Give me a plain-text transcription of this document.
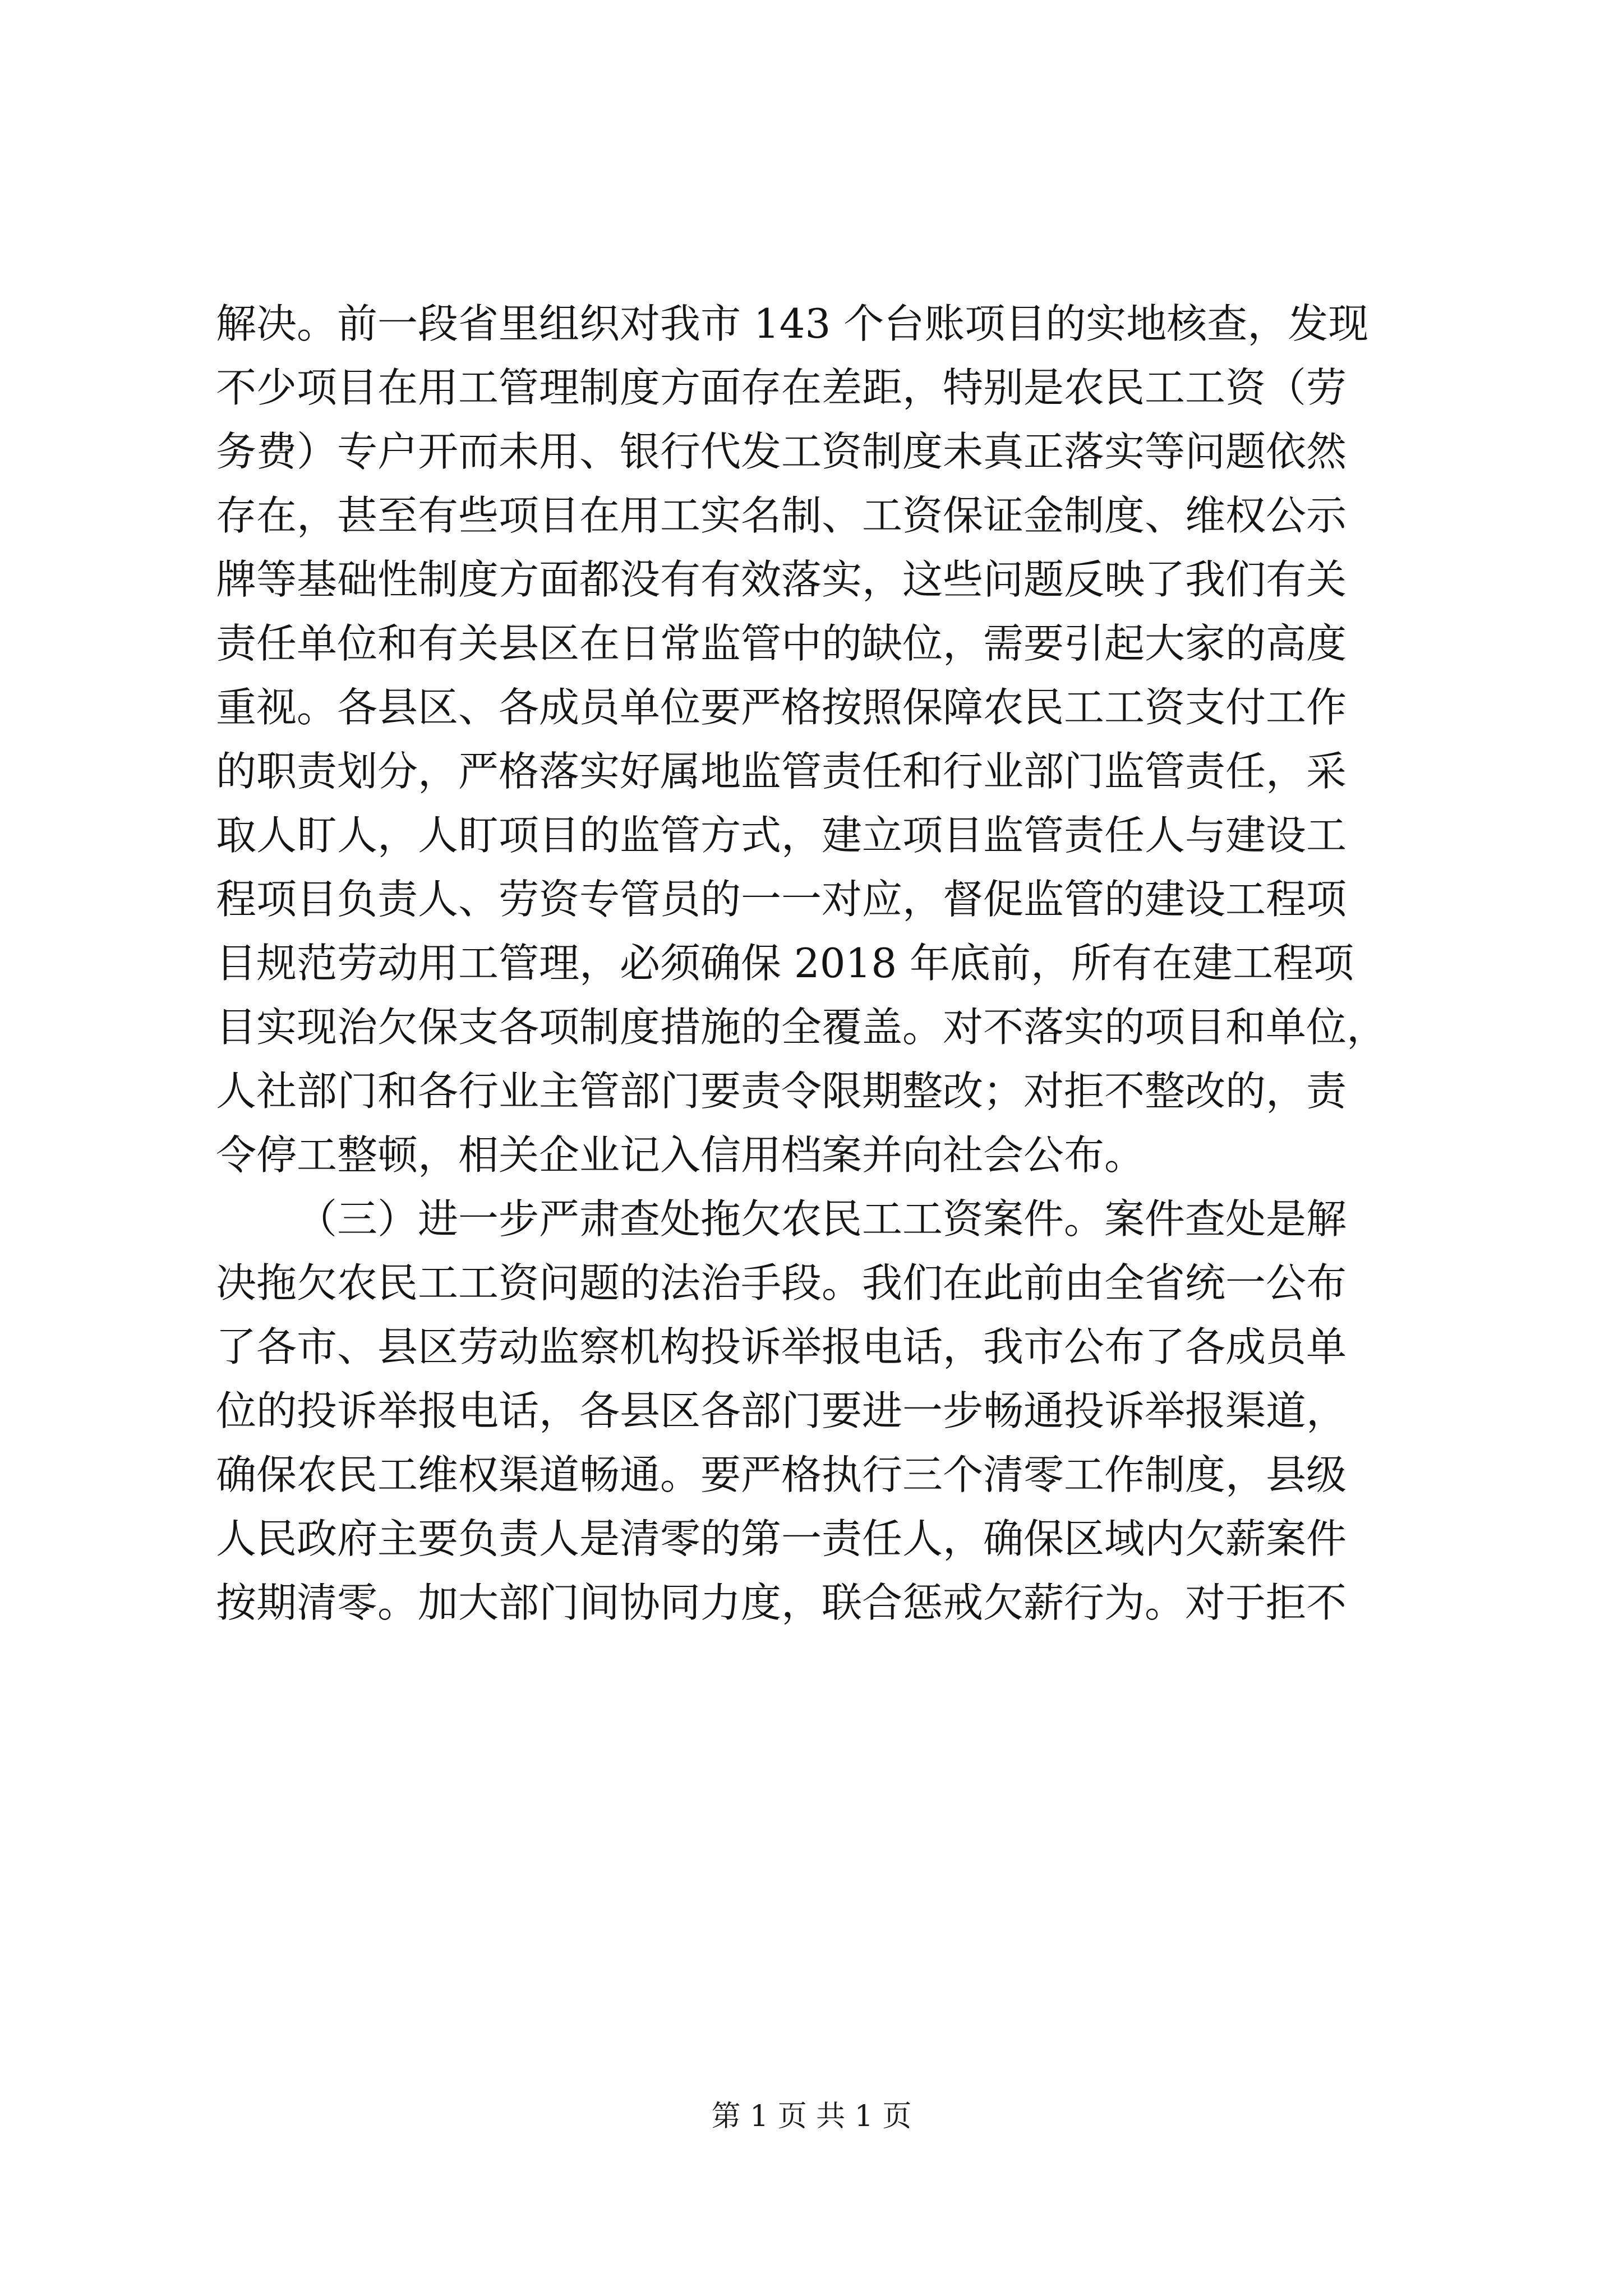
解决。前一段省里组织对我市 143 个台账项目的实地核查，发现
不少项目在用工管理制度方面存在差距，特别是农民工工资（劳
务费）专户开而未用、银行代发工资制度未真正落实等问题依然
存在，甚至有些项目在用工实名制、工资保证金制度、维权公示
牌等基础性制度方面都没有有效落实，这些问题反映了我们有关
责任单位和有关县区在日常监管中的缺位，需要引起大家的高度
重视。各县区、各成员单位要严格按照保障农民工工资支付工作
的职责划分，严格落实好属地监管责任和行业部门监管责任，采
取人盯人，人盯项目的监管方式，建立项目监管责任人与建设工
程项目负责人、劳资专管员的一一对应，督促监管的建设工程项
目规范劳动用工管理，必须确保 2018 年底前，所有在建工程项
目实现治欠保支各项制度措施的全覆盖。对不落实的项目和单位，
人社部门和各行业主管部门要责令限期整改；对拒不整改的，责
令停工整顿，相关企业记入信用档案并向社会公布。
（三）进一步严肃查处拖欠农民工工资案件。案件查处是解
决拖欠农民工工资问题的法治手段。我们在此前由全省统一公布
了各市、县区劳动监察机构投诉举报电话，我市公布了各成员单
位的投诉举报电话，各县区各部门要进一步畅通投诉举报渠道，
确保农民工维权渠道畅通。要严格执行三个清零工作制度，县级
人民政府主要负责人是清零的第一责任人，确保区域内欠薪案件
按期清零。加大部门间协同力度，联合惩戒欠薪行为。对于拒不
第 1 页 共 1 页
